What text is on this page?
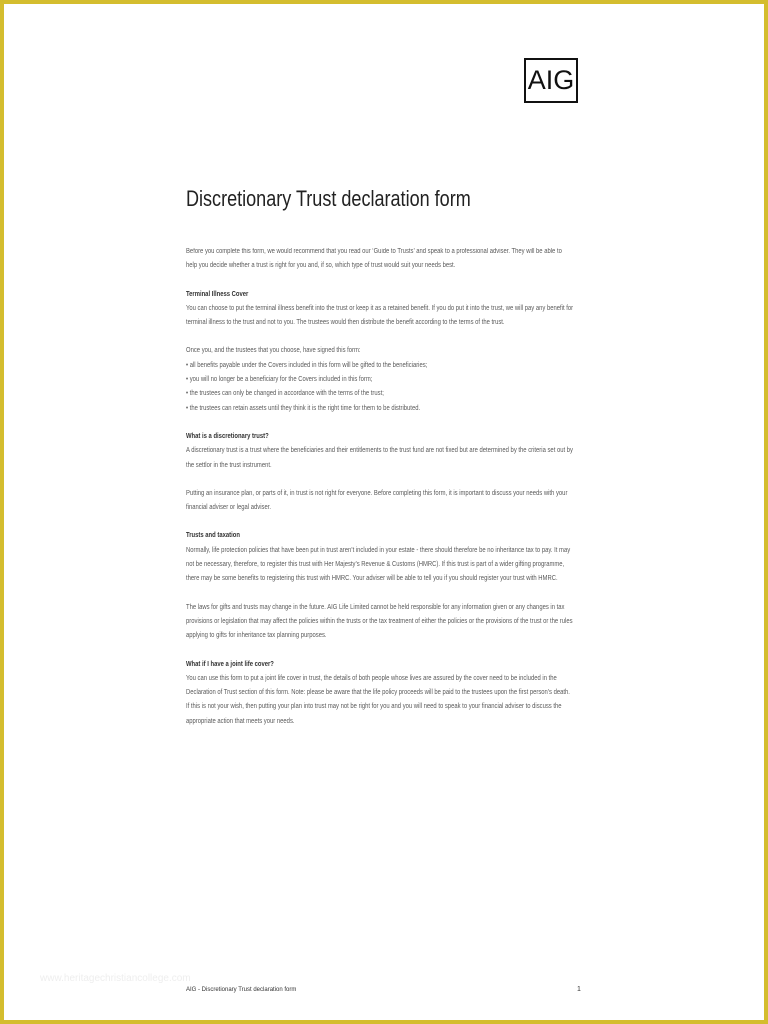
AIG
Discretionary Trust declaration form

Before you complete this form, we would recommend that you read our ‘Guide to Trusts’ and speak to a professional adviser. They will be able to

help you decide whether a trust is right for you and, if so, which type of trust would suit your needs best.

Terminal Illness Cover

You can choose to put the terminal illness benefit into the trust or keep it as a retained benefit. If you do put it into the trust, we will pay any benefit for

terminal illness to the trust and not to you. The trustees would then distribute the benefit according to the terms of the trust.

Once you, and the trustees that you choose, have signed this form:

• all benefits payable under the Covers included in this form will be gifted to the beneficiaries;

• you will no longer be a beneficiary for the Covers included in this form;

• the trustees can only be changed in accordance with the terms of the trust;

• the trustees can retain assets until they think it is the right time for them to be distributed.

What is a discretionary trust?

A discretionary trust is a trust where the beneficiaries and their entitlements to the trust fund are not fixed but are determined by the criteria set out by

the settlor in the trust instrument.

Putting an insurance plan, or parts of it, in trust is not right for everyone. Before completing this form, it is important to discuss your needs with your

financial adviser or legal adviser.

Trusts and taxation

Normally, life protection policies that have been put in trust aren’t included in your estate - there should therefore be no inheritance tax to pay. It may

not be necessary, therefore, to register this trust with Her Majesty’s Revenue & Customs (HMRC). If this trust is part of a wider gifting programme,

there may be some benefits to registering this trust with HMRC. Your adviser will be able to tell you if you should register your trust with HMRC.

The laws for gifts and trusts may change in the future. AIG Life Limited cannot be held responsible for any information given or any changes in tax

provisions or legislation that may affect the policies within the trusts or the tax treatment of either the policies or the provisions of the trust or the rules

applying to gifts for inheritance tax planning purposes.

What if I have a joint life cover?

You can use this form to put a joint life cover in trust, the details of both people whose lives are assured by the cover need to be included in the

Declaration of Trust section of this form. Note: please be aware that the life policy proceeds will be paid to the trustees upon the first person’s death.

If this is not your wish, then putting your plan into trust may not be right for you and you will need to speak to your financial adviser to discuss the

appropriate action that meets your needs.

www.heritagechristiancollege.com
AIG - Discretionary Trust declaration form	1
